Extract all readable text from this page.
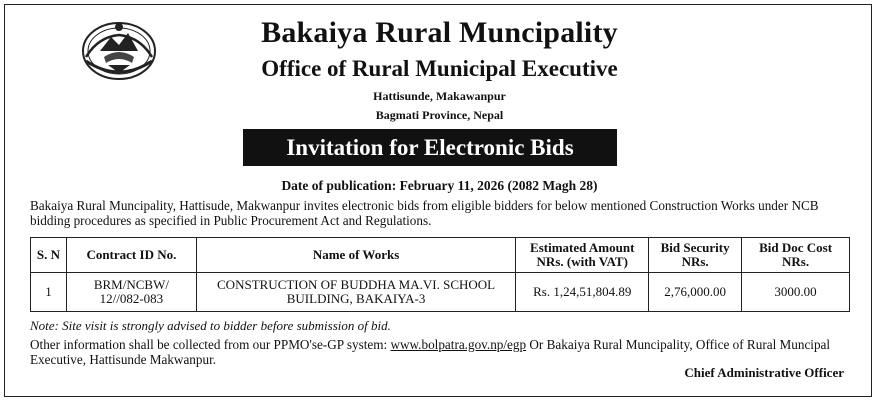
Bakaiya Rural Muncipality
Office of Rural Municipal Executive
Hattisunde, Makawanpur
Bagmati Province, Nepal
Invitation for Electronic Bids
Date of publication: February 11, 2026 (2082 Magh 28)
Bakaiya Rural Muncipality, Hattisude, Makwanpur invites electronic bids from eligible bidders for below mentioned Construction Works under NCB bidding procedures as specified in Public Procurement Act and Regulations.
S. N	Contract ID No.	Name of Works	Estimated Amount NRs. (with VAT)	Bid Security NRs.	Bid Doc Cost NRs.
1	BRM/NCBW/ 12//082-083	CONSTRUCTION OF BUDDHA MA.VI. SCHOOL BUILDING, BAKAIYA-3	Rs. 1,24,51,804.89	2,76,000.00	3000.00
Note: Site visit is strongly advised to bidder before submission of bid.
Other information shall be collected from our PPMO'se-GP system: www.bolpatra.gov.np/egp Or Bakaiya Rural Muncipality, Office of Rural Muncipal Executive, Hattisunde Makwanpur.
Chief Administrative Officer
